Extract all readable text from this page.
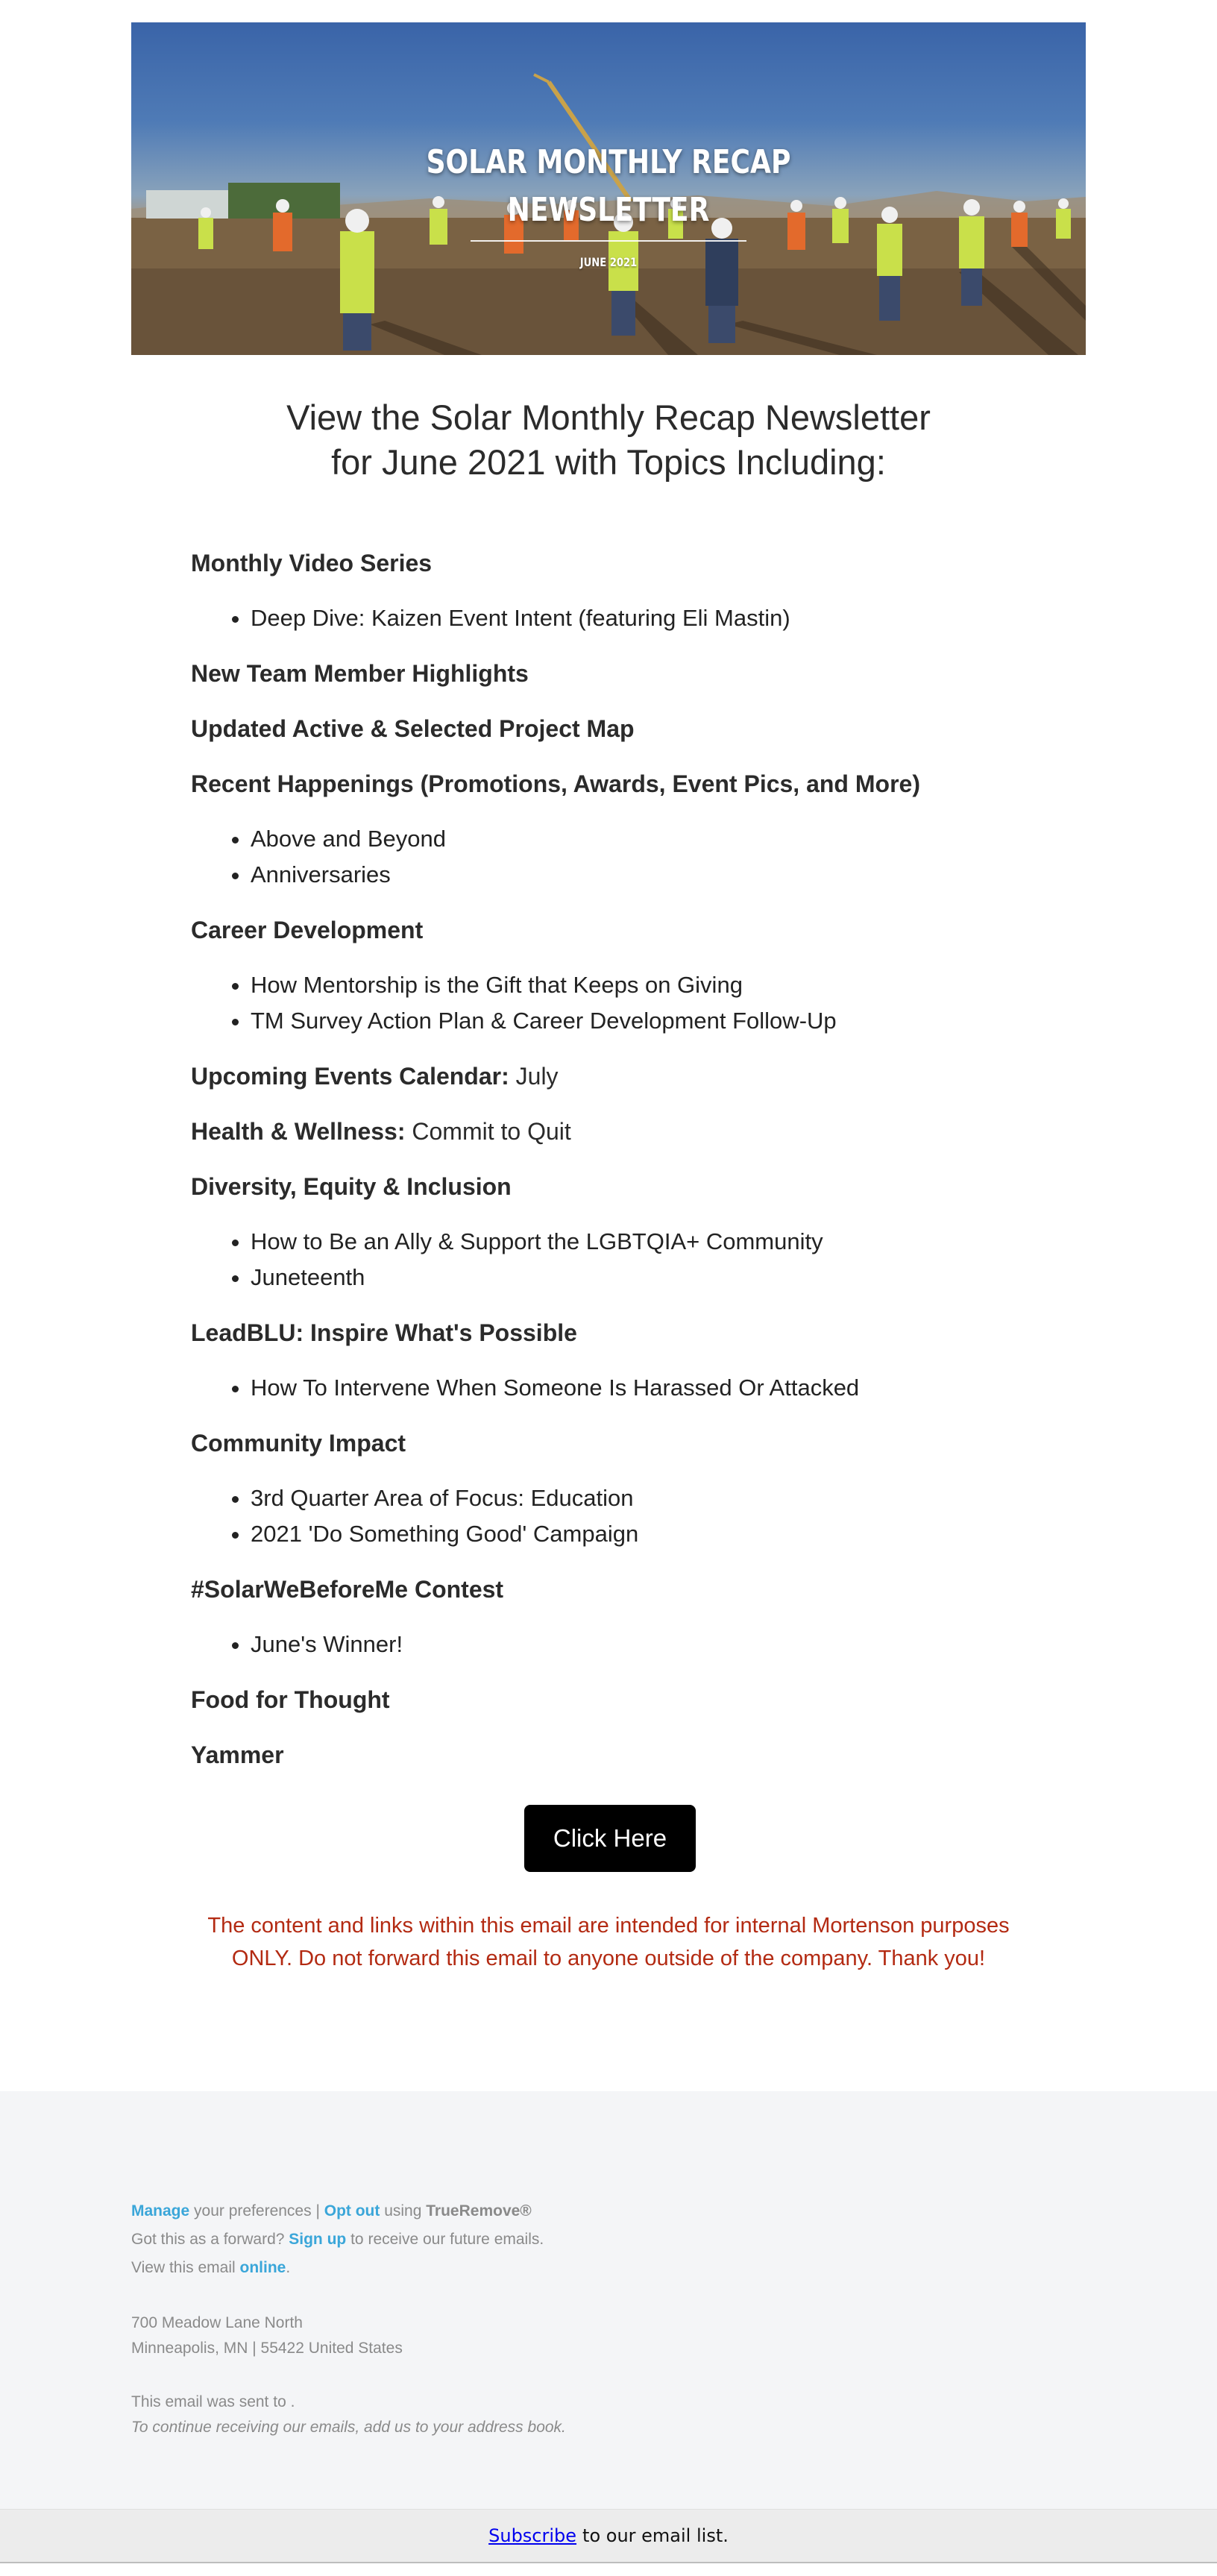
SOLAR MONTHLY RECAP
NEWSLETTER
JUNE 2021
View the Solar Monthly Recap Newsletter
for June 2021 with Topics Including:
Monthly Video Series
• Deep Dive: Kaizen Event Intent (featuring Eli Mastin)
New Team Member Highlights
Updated Active & Selected Project Map
Recent Happenings (Promotions, Awards, Event Pics, and More)
• Above and Beyond
• Anniversaries
Career Development
• How Mentorship is the Gift that Keeps on Giving
• TM Survey Action Plan & Career Development Follow-Up
Upcoming Events Calendar: July
Health & Wellness: Commit to Quit
Diversity, Equity & Inclusion
• How to Be an Ally & Support the LGBTQIA+ Community
• Juneteenth
LeadBLU: Inspire What's Possible
• How To Intervene When Someone Is Harassed Or Attacked
Community Impact
• 3rd Quarter Area of Focus: Education
• 2021 'Do Something Good' Campaign
#SolarWeBeforeMe Contest
• June's Winner!
Food for Thought
Yammer
Click Here
The content and links within this email are intended for internal Mortenson purposes
ONLY. Do not forward this email to anyone outside of the company. Thank you!
Manage your preferences | Opt out using TrueRemove®
Got this as a forward? Sign up to receive our future emails.
View this email online.
700 Meadow Lane North
Minneapolis, MN | 55422 United States
This email was sent to .
To continue receiving our emails, add us to your address book.
Subscribe to our email list.
